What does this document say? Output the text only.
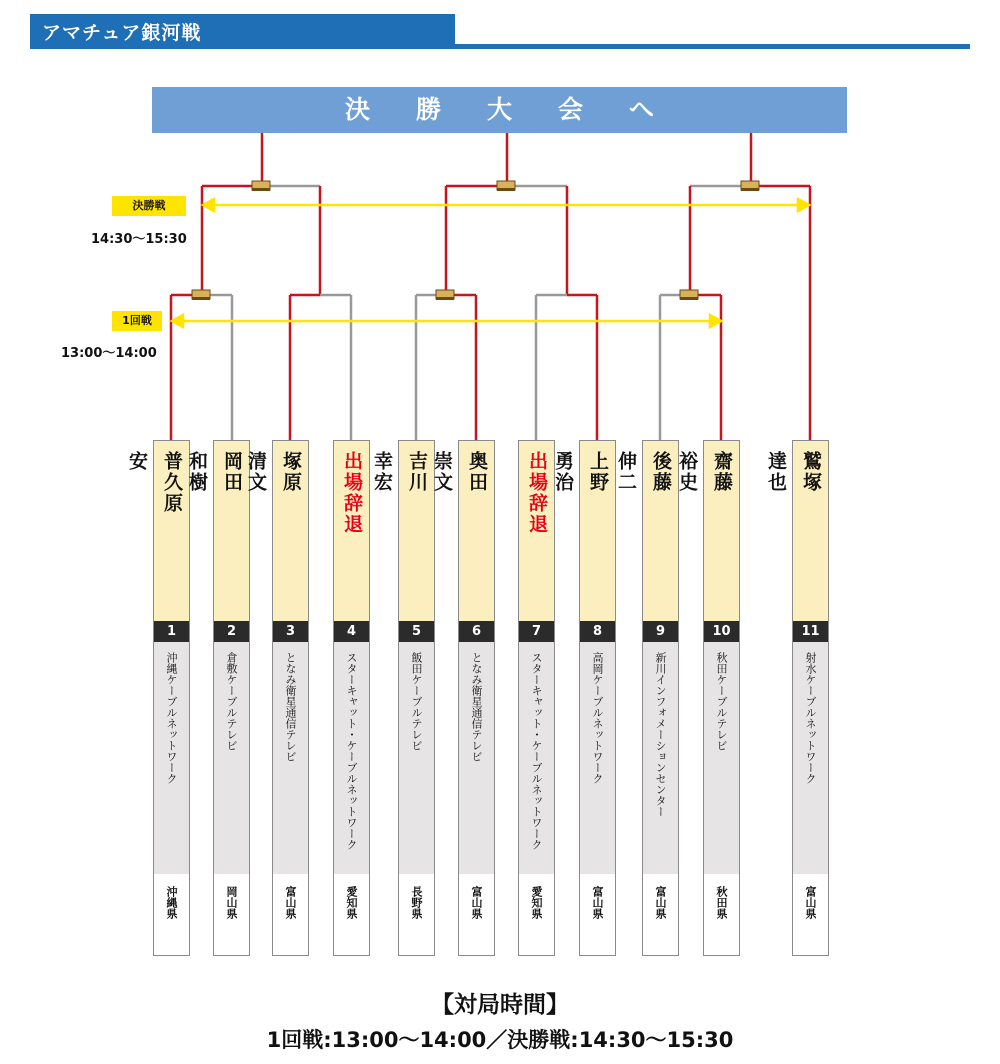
アマチュア銀河戦
決勝大会へ
決勝戦
14:30～15:30
1回戦
13:00～14:00
普久原
安
1
沖縄ケーブルネットワーク
沖縄県
岡田
和樹
2
倉敷ケーブルテレビ
岡山県
塚原
清文
3
となみ衛星通信テレビ
富山県
出場辞退
4
スターキャット・ケーブルネットワーク
愛知県
吉川
幸宏
5
飯田ケーブルテレビ
長野県
奥田
崇文
6
となみ衛星通信テレビ
富山県
出場辞退
7
スターキャット・ケーブルネットワーク
愛知県
上野
勇治
8
高岡ケーブルネットワーク
富山県
後藤
伸二
9
新川インフォメーションセンター
富山県
齋藤
裕史
10
秋田ケーブルテレビ
秋田県
鷲塚
達也
11
射水ケーブルネットワーク
富山県
【対局時間】
1回戦:13:00～14:00／決勝戦:14:30～15:30
